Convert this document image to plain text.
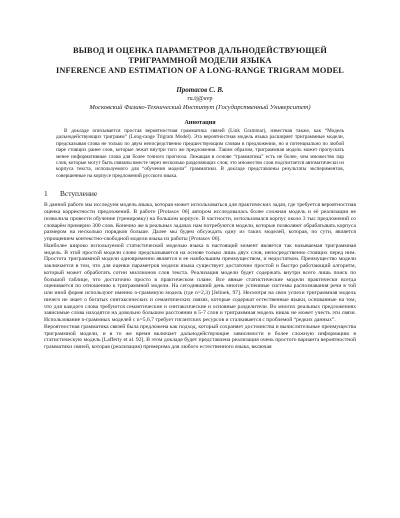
ВЫВОД И ОЦЕНКА ПАРАМЕТРОВ ДАЛЬНОДЕЙСТВУЮЩЕЙ
ТРИГРАММНОЙ МОДЕЛИ ЯЗЫКА
INFERENCE AND ESTIMATION OF A LONG-RANGE TRIGRAM MODEL
Протасов С. В.
ru.tj@svp
Московский Физико-Технический Институт (Государственный Университет)
Аннотация

В докладе описывается простая вероятностная грамматика связей (Link Grammar), известная также, как “Модель дальнодействующих триграмм” (Long-range Trigram Model). Эта вероятностная модель языка расширяет триграммные модели, предсказывая слова не только по двум непосредственно предшествующим словам в предложении, но и потенциально по любой паре стоящих ранее слов, которые лежат внутри того же предложения. Таким образом, триграммная модель может пропускать менее информативные слова для более точного прогноза. Лежащая в основе “грамматика” есть не более, чем множество пар слов, которые могут быть связаны вместе через несколько разделяющих слов; это множество слов подсчитается автоматически из корпуса текста, используемого для “обучения модели” грамматики. В докладе представлены результаты экспериментов, совершенные на корпусе предложений русского языка.

1 Вступление

В данной работе мы исследуем модель языка, которая может использоваться для практических задач, где требуется вероятностная оценка корректности предложений. В работе [Protasov 06] автором исследовалась более сложная модель и её реализация не позволила провести обучение (тренировку) на большом корпусе. В частности, использовался корпус около 3 тыс предложений со словарём примерно 300 слов. Конечно же в реальных задачах нам потребуются модели, которые позволяют обрабатывать корпуса размером на несколько порядков больше. Далее мы будем обсуждать одну из таких моделей, которая, по сути, является упрощением контекстно-свободной модели языка из работы [Protasov 06].

Наиболее широко используемой статистической моделью языка в настоящий момент является так называемая триграммная модель. В этой простой модели слово предсказывается на основе только лишь двух слов, непосредственно стоящих перед ним. Простота триграммной модели одновременно является и ее наибольшим преимуществом, и недостатком. Преимущество модели заключается в том, что для оценки параметров модели языка существует достаточно простой и быстро работающий алгоритм, который может обработать сотни миллионов слов текста. Реализация модели будет содержать внутри всего лишь поиск по большой таблице, что достаточно просто в практическом плане. Все явные статистические модели практически всегда оценивается по отношению к триграммной модели. На сегодняшний день многие успешные системы распознавания речи в той или иной форме используют именно n-граммную модель (где n=2,3) [Jelinek, 97]. Несмотря на свои успехи триграммная модель ничего не знает о богатых синтаксических и семантических связях, которые содержат естественные языки, основанные на том, что для каждого слова требуются семантические и синтаксические и основные разделители. Во многих реальных предложениях зависимые слова находятся на довольно большом расстоянии в 5-7 слов и триграммная модель никак не может учесть эти связи. Использование n-граммных моделей с n=5,6,7 требует гигантских ресурсов и сталкивается с проблемой “редких данных”.

Вероятностная грамматика связей была предложена как подход, который сохраняет достоинства и вычислительные преимущества триграммной модели, и в то же время включает дальнодействующие зависимости и более сложную информацию в статистическую модель [Lafferty et al. 92]. В этом докладе будет представлена реализация очень простого варианта вероятностной грамматики связей, которая (реализация) примерима для любого естественного языка, включая
